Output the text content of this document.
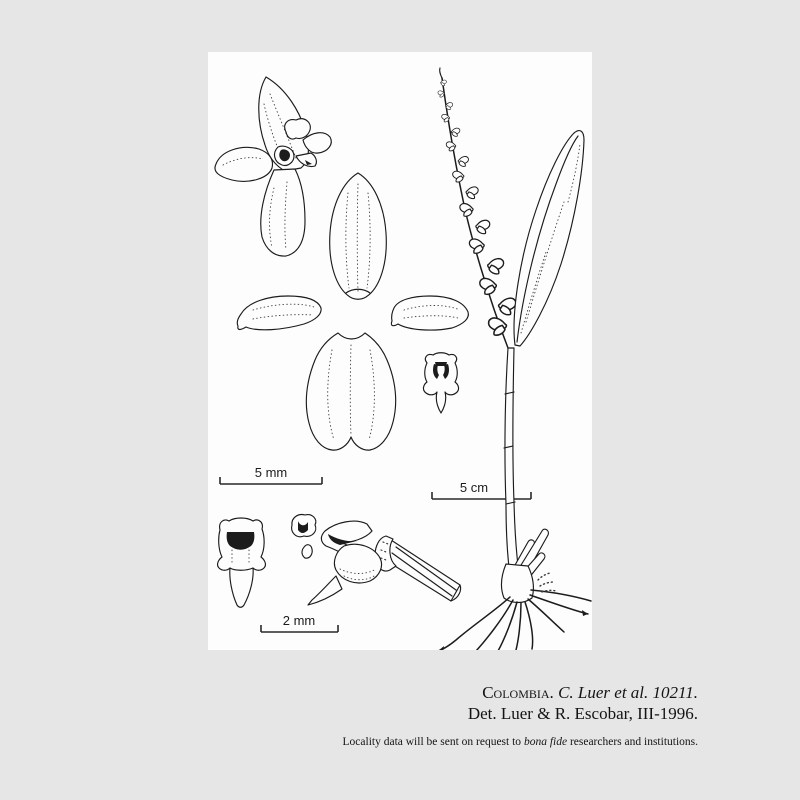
5 mm
5 cm
2 mm
Colombia. C. Luer et al. 10211.
Det. Luer & R. Escobar, III-1996.
Locality data will be sent on request to bona fide researchers and institutions.
